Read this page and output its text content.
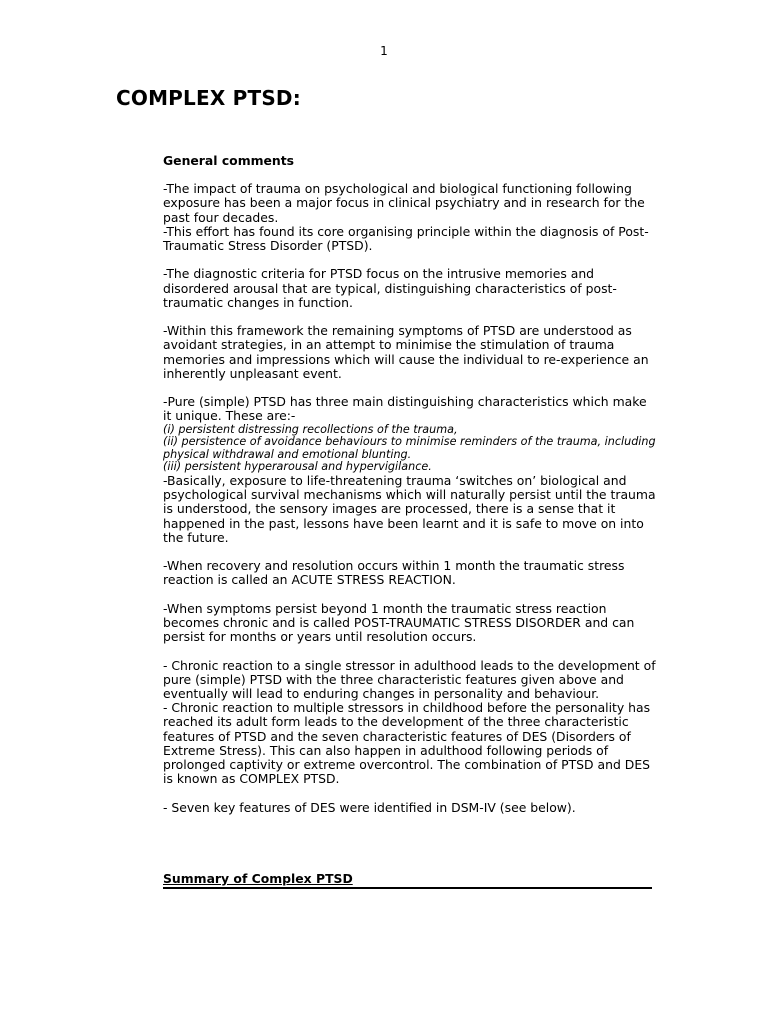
1
COMPLEX PTSD:
General comments

-The impact of trauma on psychological and biological functioning following exposure has been a major focus in clinical psychiatry and in research for the past four decades.

-This effort has found its core organising principle within the diagnosis of Post-Traumatic Stress Disorder (PTSD).

-The diagnostic criteria for PTSD focus on the intrusive memories and disordered arousal that are typical, distinguishing characteristics of post-traumatic changes in function.

-Within this framework the remaining symptoms of PTSD are understood as avoidant strategies, in an attempt to minimise the stimulation of trauma memories and impressions which will cause the individual to re-experience an inherently unpleasant event.

-Pure (simple) PTSD has three main distinguishing characteristics which make it unique. These are:-

(i) persistent distressing recollections of the trauma,
(ii) persistence of avoidance behaviours to minimise reminders of the trauma, including physical withdrawal and emotional blunting.
(iii) persistent hyperarousal and hypervigilance.

-Basically, exposure to life-threatening trauma ‘switches on’ biological and psychological survival mechanisms which will naturally persist until the trauma is understood, the sensory images are processed, there is a sense that it happened in the past, lessons have been learnt and it is safe to move on into the future.

-When recovery and resolution occurs within 1 month the traumatic stress reaction is called an ACUTE STRESS REACTION.

-When symptoms persist beyond 1 month the traumatic stress reaction becomes chronic and is called POST-TRAUMATIC STRESS DISORDER and can persist for months or years until resolution occurs.

- Chronic reaction to a single stressor in adulthood leads to the development of pure (simple) PTSD with the three characteristic features given above and eventually will lead to enduring changes in personality and behaviour.

- Chronic reaction to multiple stressors in childhood before the personality has reached its adult form leads to the development of the three characteristic features of PTSD and the seven characteristic features of DES (Disorders of Extreme Stress). This can also happen in adulthood following periods of prolonged captivity or extreme overcontrol. The combination of PTSD and DES is known as COMPLEX PTSD.

- Seven key features of DES were identified in DSM-IV (see below).

Summary of Complex PTSD
